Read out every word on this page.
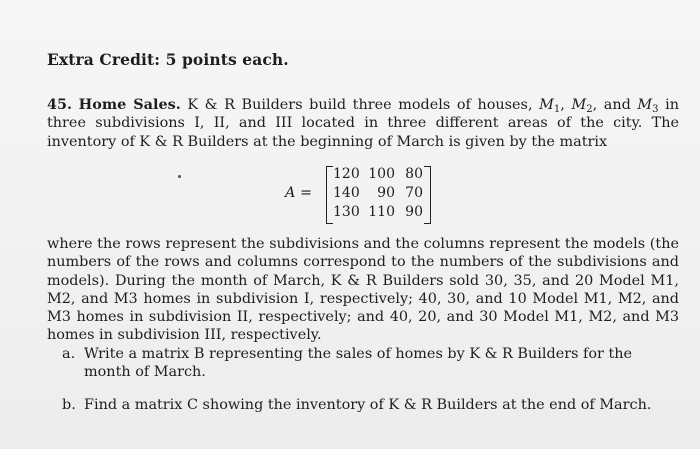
Extra Credit: 5 points each.
45. Home Sales. K & R Builders build three models of houses, $M_1$, $M_2$, and $M_3$ in three subdivisions I, II, and III located in three different areas of the city. The inventory of K & R Builders at the beginning of March is given by the matrix
A =
120 100 80
140	90 70
130 110 90
where the rows represent the subdivisions and the columns represent the models (the numbers of the rows and columns correspond to the numbers of the subdivisions and models). During the month of March, K & R Builders sold 30, 35, and 20 Model M1, M2, and M3 homes in subdivision I, respectively; 40, 30, and 10 Model M1, M2, and M3 homes in subdivision II, respectively; and 40, 20, and 30 Model M1, M2, and M3 homes in subdivision III, respectively.
a. Write a matrix B representing the sales of homes by K & R Builders for the month of March.
b. Find a matrix C showing the inventory of K & R Builders at the end of March.
